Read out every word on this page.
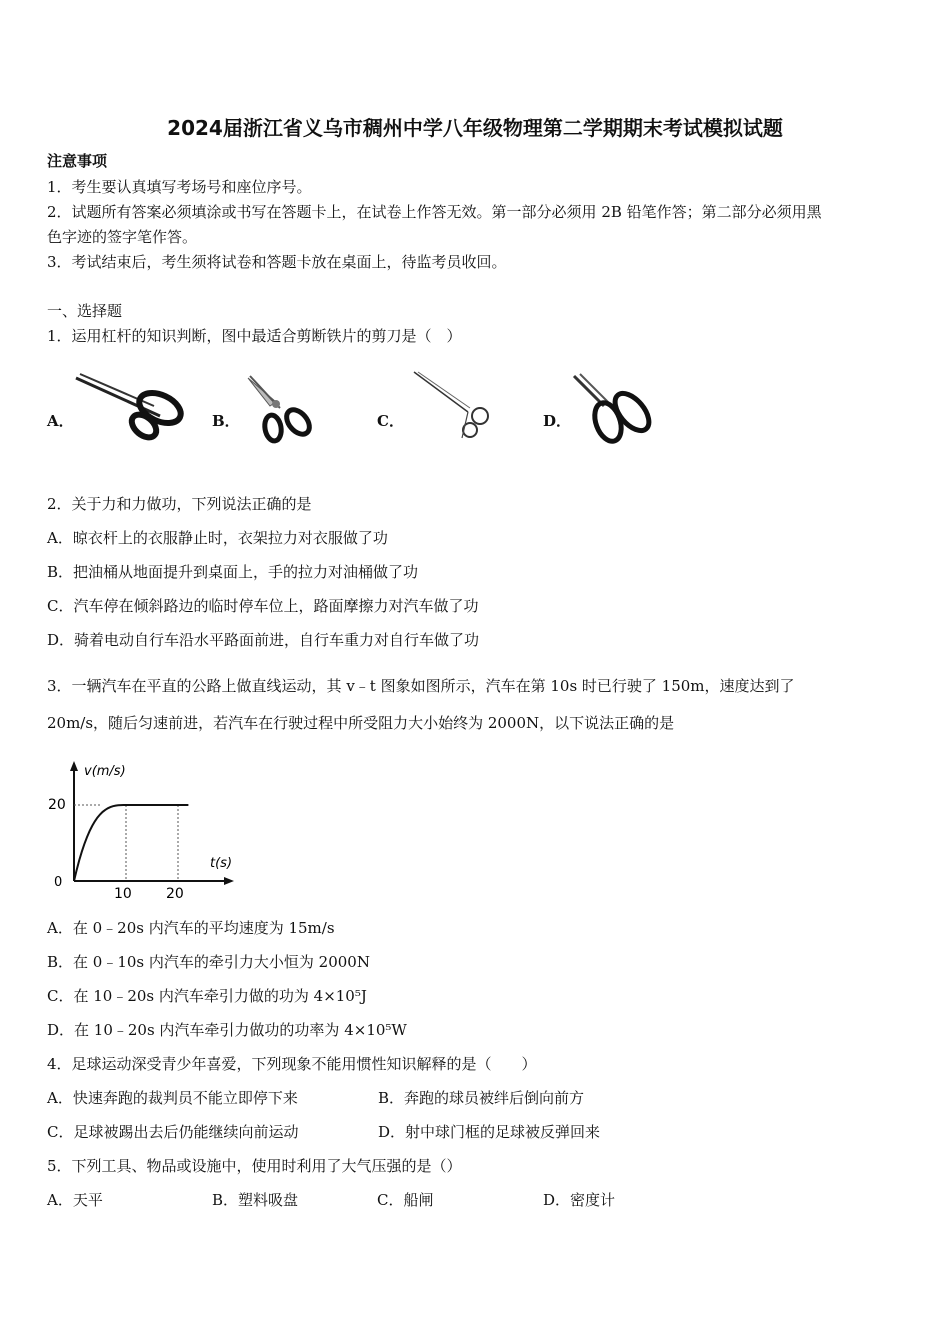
2024届浙江省义乌市稠州中学八年级物理第二学期期末考试模拟试题
注意事项
1．考生要认真填写考场号和座位序号。
2．试题所有答案必须填涂或书写在答题卡上，在试卷上作答无效。第一部分必须用 2B 铅笔作答；第二部分必须用黑
色字迹的签字笔作答。
3．考试结束后，考生须将试卷和答题卡放在桌面上，待监考员收回。
一、选择题
1．运用杠杆的知识判断，图中最适合剪断铁片的剪刀是（　）
A．	B．	C．	D．
2．关于力和力做功，下列说法正确的是
A．晾衣杆上的衣服静止时，衣架拉力对衣服做了功
B．把油桶从地面提升到桌面上，手的拉力对油桶做了功
C．汽车停在倾斜路边的临时停车位上，路面摩擦力对汽车做了功
D．骑着电动自行车沿水平路面前进，自行车重力对自行车做了功
3．一辆汽车在平直的公路上做直线运动，其 v﹣t 图象如图所示，汽车在第 10s 时已行驶了 150m，速度达到了
20m/s，随后匀速前进，若汽车在行驶过程中所受阻力大小始终为 2000N，以下说法正确的是
v(m/s)
t(s)
0
20
10 20
A．在 0﹣20s 内汽车的平均速度为 15m/s
B．在 0﹣10s 内汽车的牵引力大小恒为 2000N
C．在 10﹣20s 内汽车牵引力做的功为 4×10⁵J
D．在 10﹣20s 内汽车牵引力做功的功率为 4×10⁵W
4．足球运动深受青少年喜爱，下列现象不能用惯性知识解释的是（　　）
A．快速奔跑的裁判员不能立即停下来	B．奔跑的球员被绊后倒向前方
C．足球被踢出去后仍能继续向前运动	D．射中球门框的足球被反弹回来
5．下列工具、物品或设施中，使用时利用了大气压强的是（）
A．天平	B．塑料吸盘	C．船闸	D．密度计
